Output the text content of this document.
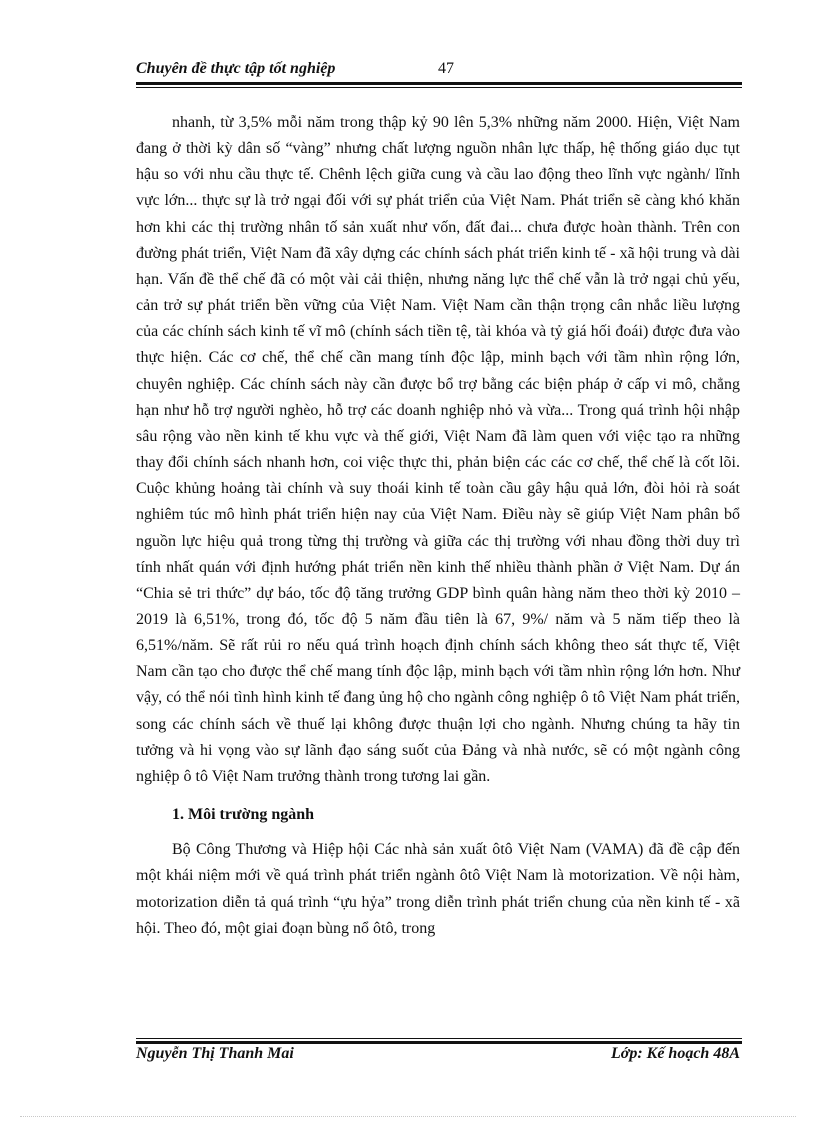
Chuyên đề thực tập tốt nghiệp	47

nhanh, từ 3,5% mỗi năm trong thập kỷ 90 lên 5,3% những năm 2000. Hiện, Việt Nam đang ở thời kỳ dân số “vàng” nhưng chất lượng nguồn nhân lực thấp, hệ thống giáo dục tụt hậu so với nhu cầu thực tế. Chênh lệch giữa cung và cầu lao động theo lĩnh vực ngành/ lĩnh vực lớn... thực sự là trở ngại đối với sự phát triển của Việt Nam. Phát triển sẽ càng khó khăn hơn khi các thị trường nhân tố sản xuất như vốn, đất đai... chưa được hoàn thành. Trên con đường phát triển, Việt Nam đã xây dựng các chính sách phát triển kinh tế - xã hội trung và dài hạn. Vấn đề thể chế đã có một vài cải thiện, nhưng năng lực thể chế vẫn là trở ngại chủ yếu, cản trở sự phát triển bền vững của Việt Nam. Việt Nam cần thận trọng cân nhắc liều lượng của các chính sách kinh tế vĩ mô (chính sách tiền tệ, tài khóa và tỷ giá hối đoái) được đưa vào thực hiện. Các cơ chế, thể chế cần mang tính độc lập, minh bạch với tầm nhìn rộng lớn, chuyên nghiệp. Các chính sách này cần được bổ trợ bằng các biện pháp ở cấp vi mô, chẳng hạn như hỗ trợ người nghèo, hỗ trợ các doanh nghiệp nhỏ và vừa... Trong quá trình hội nhập sâu rộng vào nền kinh tế khu vực và thế giới, Việt Nam đã làm quen với việc tạo ra những thay đổi chính sách nhanh hơn, coi việc thực thi, phản biện các các cơ chế, thể chế là cốt lõi. Cuộc khủng hoảng tài chính và suy thoái kinh tế toàn cầu gây hậu quả lớn, đòi hỏi rà soát nghiêm túc mô hình phát triển hiện nay của Việt Nam. Điều này sẽ giúp Việt Nam phân bổ nguồn lực hiệu quả trong từng thị trường và giữa các thị trường với nhau đồng thời duy trì tính nhất quán với định hướng phát triển nền kinh thế nhiều thành phần ở Việt Nam. Dự án “Chia sẻ tri thức” dự báo, tốc độ tăng trưởng GDP bình quân hàng năm theo thời kỳ 2010 – 2019 là 6,51%, trong đó, tốc độ 5 năm đầu tiên là 67, 9%/ năm và 5 năm tiếp theo là 6,51%/năm. Sẽ rất rủi ro nếu quá trình hoạch định chính sách không theo sát thực tế, Việt Nam cần tạo cho được thể chế mang tính độc lập, minh bạch với tầm nhìn rộng lớn hơn. Như vậy, có thể nói tình hình kinh tế đang ủng hộ cho ngành công nghiệp ô tô Việt Nam phát triển, song các chính sách về thuế lại không được thuận lợi cho ngành. Nhưng chúng ta hãy tin tưởng và hi vọng vào sự lãnh đạo sáng suốt của Đảng và nhà nước, sẽ có một ngành công nghiệp ô tô Việt Nam trưởng thành trong tương lai gần.

1. Môi trường ngành

Bộ Công Thương và Hiệp hội Các nhà sản xuất ôtô Việt Nam (VAMA) đã đề cập đến một khái niệm mới về quá trình phát triển ngành ôtô Việt Nam là motorization. Về nội hàm, motorization diễn tả quá trình “ựu hỷa” trong diễn trình phát triển chung của nền kinh tế - xã hội. Theo đó, một giai đoạn bùng nổ ôtô, trong

Nguyễn Thị Thanh Mai	Lớp: Kế hoạch 48A
